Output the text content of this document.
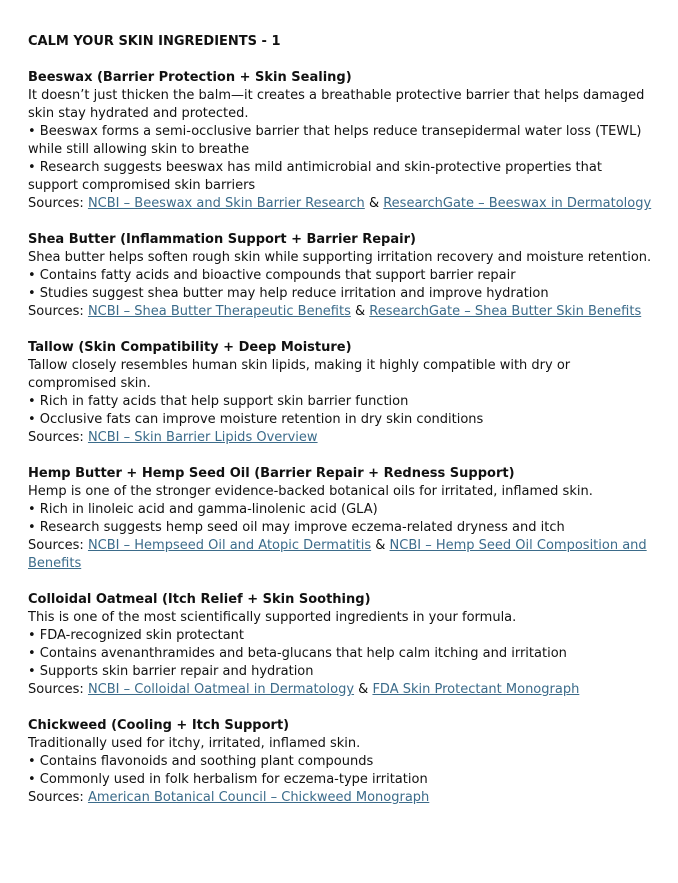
CALM YOUR SKIN INGREDIENTS - 1
Beeswax (Barrier Protection + Skin Sealing)
It doesn’t just thicken the balm—it creates a breathable protective barrier that helps damaged skin stay hydrated and protected.
• Beeswax forms a semi-occlusive barrier that helps reduce transepidermal water loss (TEWL) while still allowing skin to breathe
• Research suggests beeswax has mild antimicrobial and skin-protective properties that support compromised skin barriers
Sources: NCBI – Beeswax and Skin Barrier Research & ResearchGate – Beeswax in Dermatology
Shea Butter (Inflammation Support + Barrier Repair)
Shea butter helps soften rough skin while supporting irritation recovery and moisture retention.
• Contains fatty acids and bioactive compounds that support barrier repair
• Studies suggest shea butter may help reduce irritation and improve hydration
Sources: NCBI – Shea Butter Therapeutic Benefits & ResearchGate – Shea Butter Skin Benefits
Tallow (Skin Compatibility + Deep Moisture)
Tallow closely resembles human skin lipids, making it highly compatible with dry or compromised skin.
• Rich in fatty acids that help support skin barrier function
• Occlusive fats can improve moisture retention in dry skin conditions
Sources: NCBI – Skin Barrier Lipids Overview
Hemp Butter + Hemp Seed Oil (Barrier Repair + Redness Support)
Hemp is one of the stronger evidence-backed botanical oils for irritated, inflamed skin.
• Rich in linoleic acid and gamma-linolenic acid (GLA)
• Research suggests hemp seed oil may improve eczema-related dryness and itch
Sources: NCBI – Hempseed Oil and Atopic Dermatitis & NCBI – Hemp Seed Oil Composition and Benefits
Colloidal Oatmeal (Itch Relief + Skin Soothing)
This is one of the most scientifically supported ingredients in your formula.
• FDA-recognized skin protectant
• Contains avenanthramides and beta-glucans that help calm itching and irritation
• Supports skin barrier repair and hydration
Sources: NCBI – Colloidal Oatmeal in Dermatology & FDA Skin Protectant Monograph
Chickweed (Cooling + Itch Support)
Traditionally used for itchy, irritated, inflamed skin.
• Contains flavonoids and soothing plant compounds
• Commonly used in folk herbalism for eczema-type irritation
Sources: American Botanical Council – Chickweed Monograph
